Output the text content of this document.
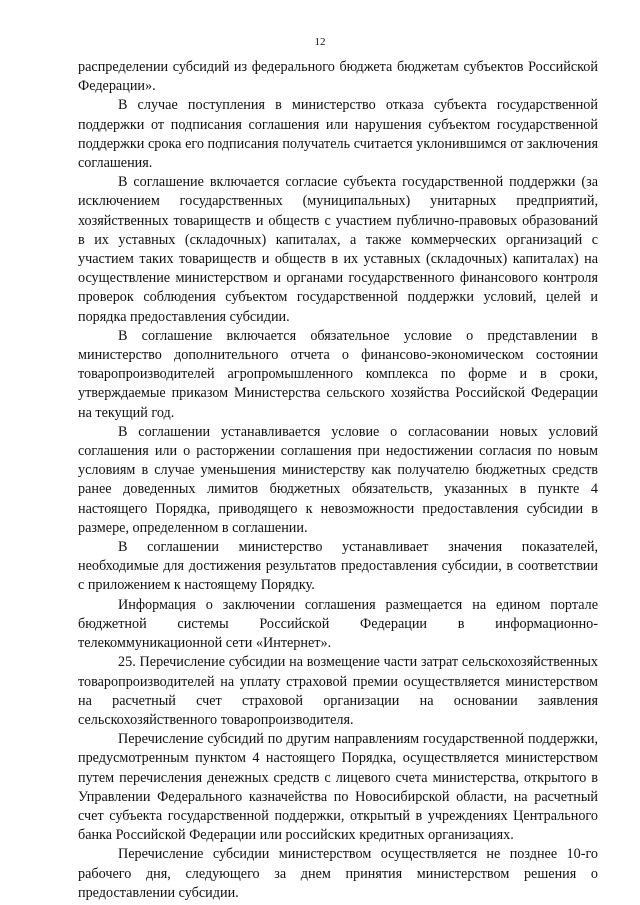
12

распределении субсидий из федерального бюджета бюджетам субъектов Российской Федерации».

В случае поступления в министерство отказа субъекта государственной поддержки от подписания соглашения или нарушения субъектом государственной поддержки срока его подписания получатель считается уклонившимся от заключения соглашения.

В соглашение включается согласие субъекта государственной поддержки (за исключением государственных (муниципальных) унитарных предприятий, хозяйственных товариществ и обществ с участием публично-правовых образований в их уставных (складочных) капиталах, а также коммерческих организаций с участием таких товариществ и обществ в их уставных (складочных) капиталах) на осуществление министерством и органами государственного финансового контроля проверок соблюдения субъектом государственной поддержки условий, целей и порядка предоставления субсидии.

В соглашение включается обязательное условие о представлении в министерство дополнительного отчета о финансово-экономическом состоянии товаропроизводителей агропромышленного комплекса по форме и в сроки, утверждаемые приказом Министерства сельского хозяйства Российской Федерации на текущий год.

В соглашении устанавливается условие о согласовании новых условий соглашения или о расторжении соглашения при недостижении согласия по новым условиям в случае уменьшения министерству как получателю бюджетных средств ранее доведенных лимитов бюджетных обязательств, указанных в пункте 4 настоящего Порядка, приводящего к невозможности предоставления субсидии в размере, определенном в соглашении.

В соглашении министерство устанавливает значения показателей, необходимые для достижения результатов предоставления субсидии, в соответствии с приложением к настоящему Порядку.

Информация о заключении соглашения размещается на едином портале бюджетной системы Российской Федерации в информационно-телекоммуникационной сети «Интернет».

25. Перечисление субсидии на возмещение части затрат сельскохозяйственных товаропроизводителей на уплату страховой премии осуществляется министерством на расчетный счет страховой организации на основании заявления сельскохозяйственного товаропроизводителя.

Перечисление субсидий по другим направлениям государственной поддержки, предусмотренным пунктом 4 настоящего Порядка, осуществляется министерством путем перечисления денежных средств с лицевого счета министерства, открытого в Управлении Федерального казначейства по Новосибирской области, на расчетный счет субъекта государственной поддержки, открытый в учреждениях Центрального банка Российской Федерации или российских кредитных организациях.

Перечисление субсидии министерством осуществляется не позднее 10-го рабочего дня, следующего за днем принятия министерством решения о предоставлении субсидии.
